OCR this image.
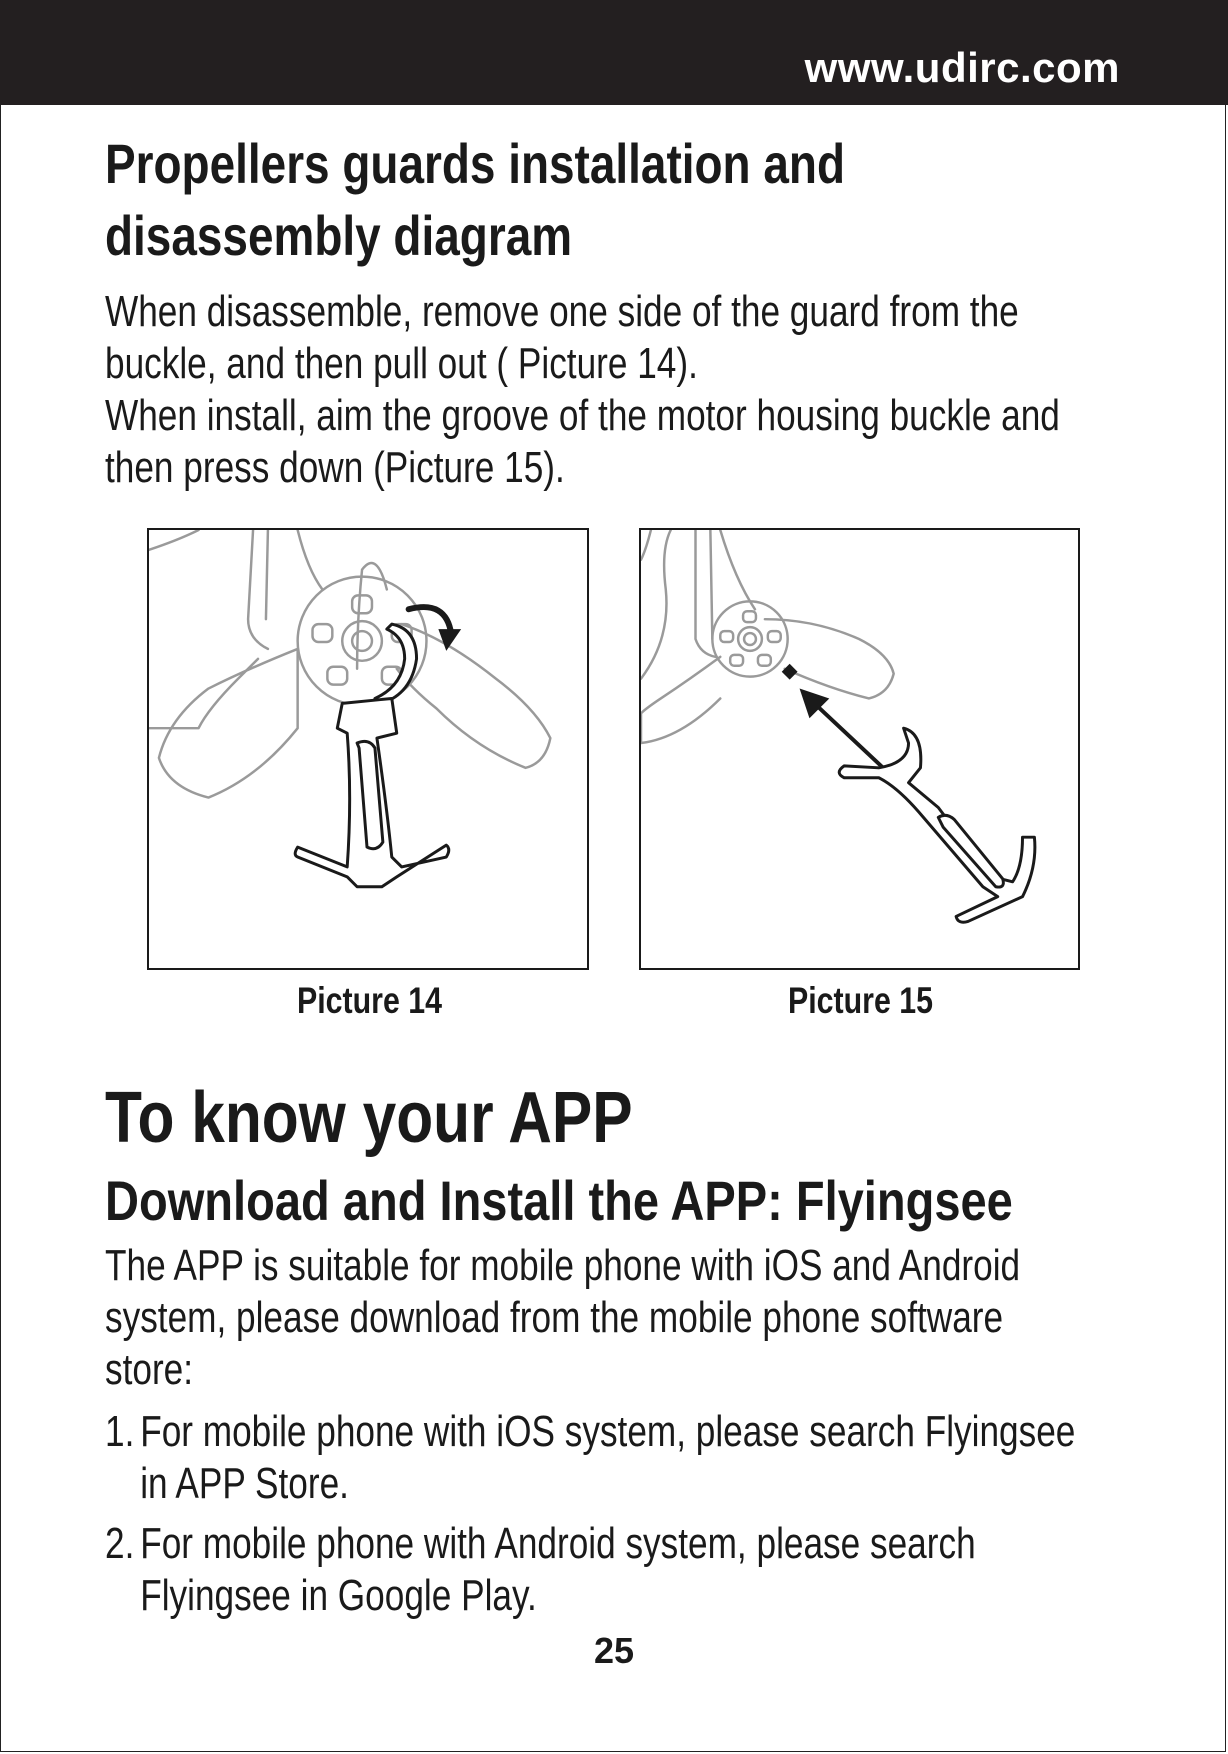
www.udirc.com
Propellers guards installation and
disassembly diagram
When disassemble, remove one side of the guard from the
buckle, and then pull out ( Picture 14).
When install, aim the groove of the motor housing buckle and
then press down (Picture 15).
Picture 14	Picture 15
To know your APP
Download and Install the APP: Flyingsee
The APP is suitable for mobile phone with iOS and Android
system, please download from the mobile phone software
store:
1. For mobile phone with iOS system, please search Flyingsee
in APP Store.
2. For mobile phone with Android system, please search
Flyingsee in Google Play.
25
